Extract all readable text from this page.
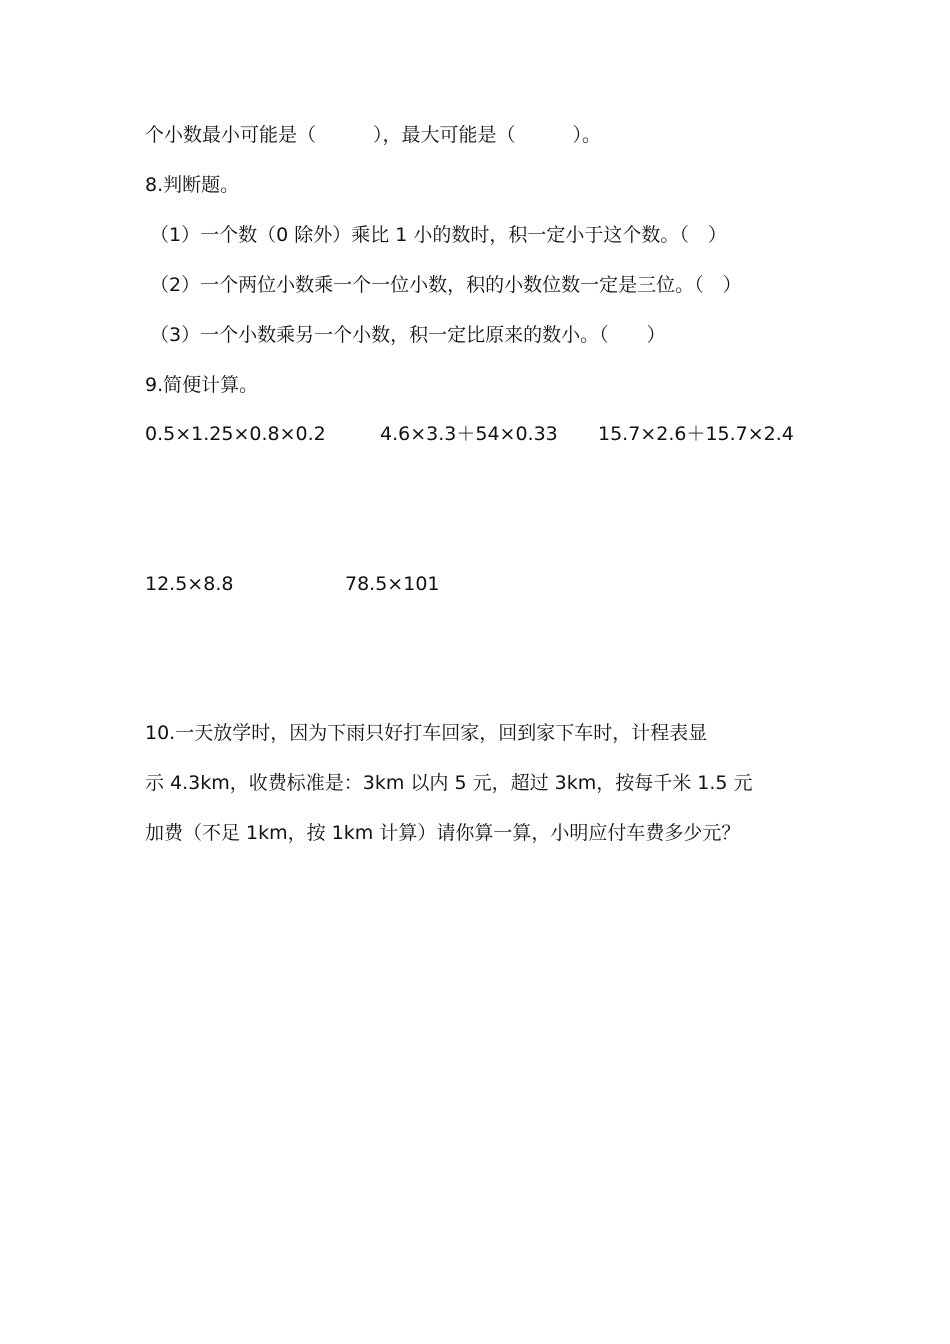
个小数最小可能是（　　　），最大可能是（　　　）。

8.判断题。

（1）一个数（0 除外）乘比 1 小的数时，积一定小于这个数。（　）

（2）一个两位小数乘一个一位小数，积的小数位数一定是三位。（　）

（3）一个小数乘另一个小数，积一定比原来的数小。（　　）

9.简便计算。

0.5×1.25×0.8×0.2

	4.6×3.3＋54×0.33

15.7×2.6＋15.7×2.4

12.5×8.8

	78.5×101

10.一天放学时，因为下雨只好打车回家，回到家下车时，计程表显

示 4.3km，收费标准是：3km 以内 5 元，超过 3km，按每千米 1.5 元

加费（不足 1km，按 1km 计算）请你算一算，小明应付车费多少元？
